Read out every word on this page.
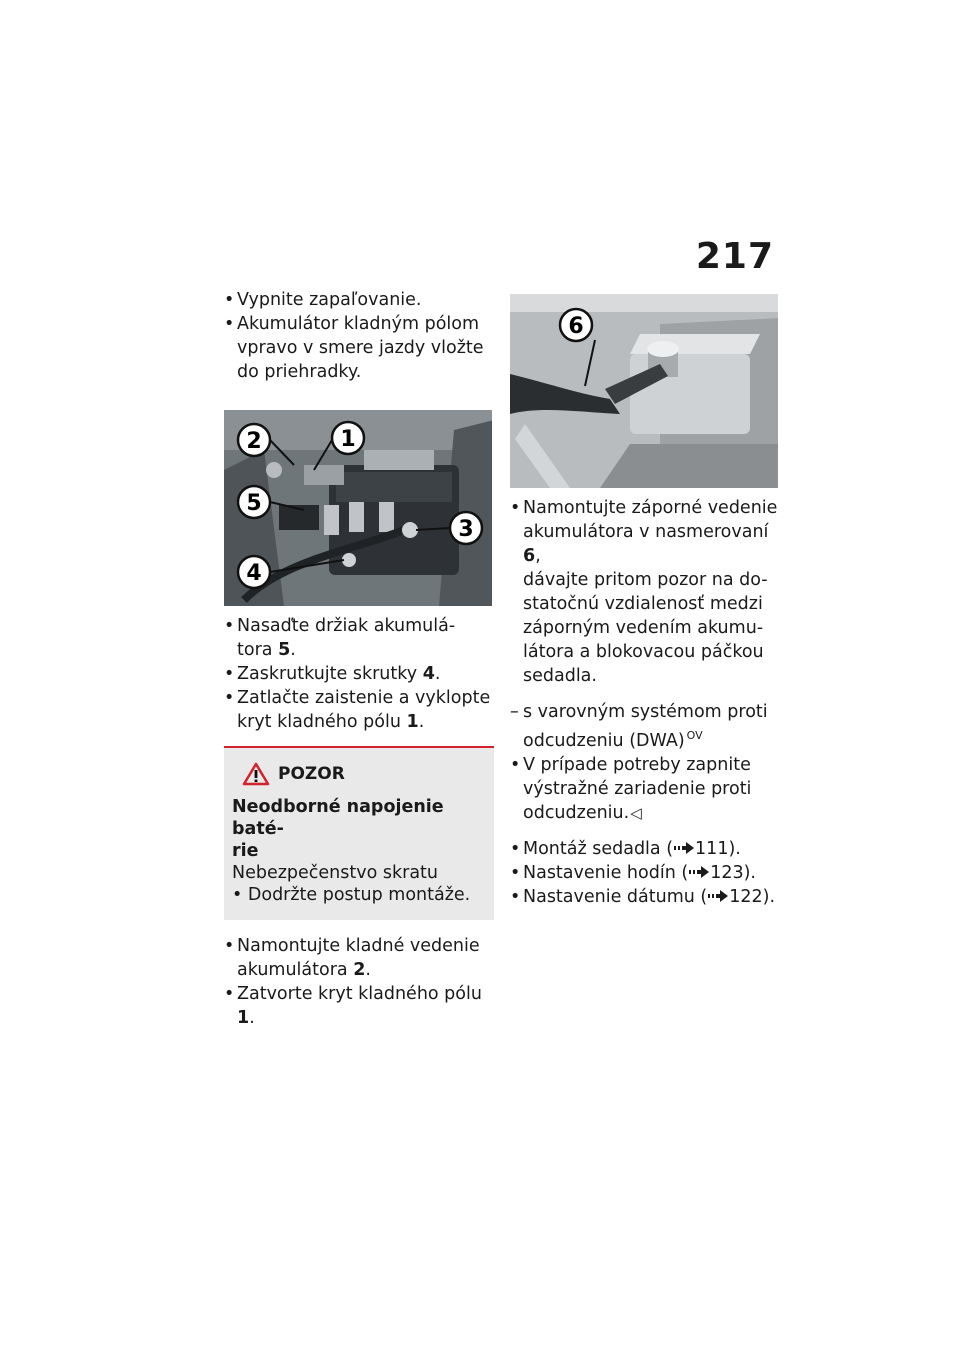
217
• Vypnite zapaľovanie.
• Akumulátor kladným pólom
vpravo v smere jazdy vložte
do priehradky.
2	1
5
3
4
• Nasaďte držiak akumulá-
tora 5.
• Zaskrutkujte skrutky 4.
• Zatlačte zaistenie a vyklopte
kryt kladného pólu 1.
POZOR
Neodborné napojenie baté-
rie
Nebezpečenstvo skratu
• Dodržte postup montáže.
• Namontujte kladné vedenie
akumulátora 2.
• Zatvorte kryt kladného pólu 1.
6
• Namontujte záporné vedenie
akumulátora v nasmerovaní 6,
dávajte pritom pozor na do-
statočnú vzdialenosť medzi
záporným vedením akumu-
látora a blokovacou páčkou
sedadla.
– s varovným systémom proti
odcudzeniu (DWA) $^{OV}$
• V prípade potreby zapnite
výstražné zariadenie proti
odcudzeniu.◁
• Montáž sedadla ( 111).
• Nastavenie hodín ( 123).
• Nastavenie dátumu ( 122).
